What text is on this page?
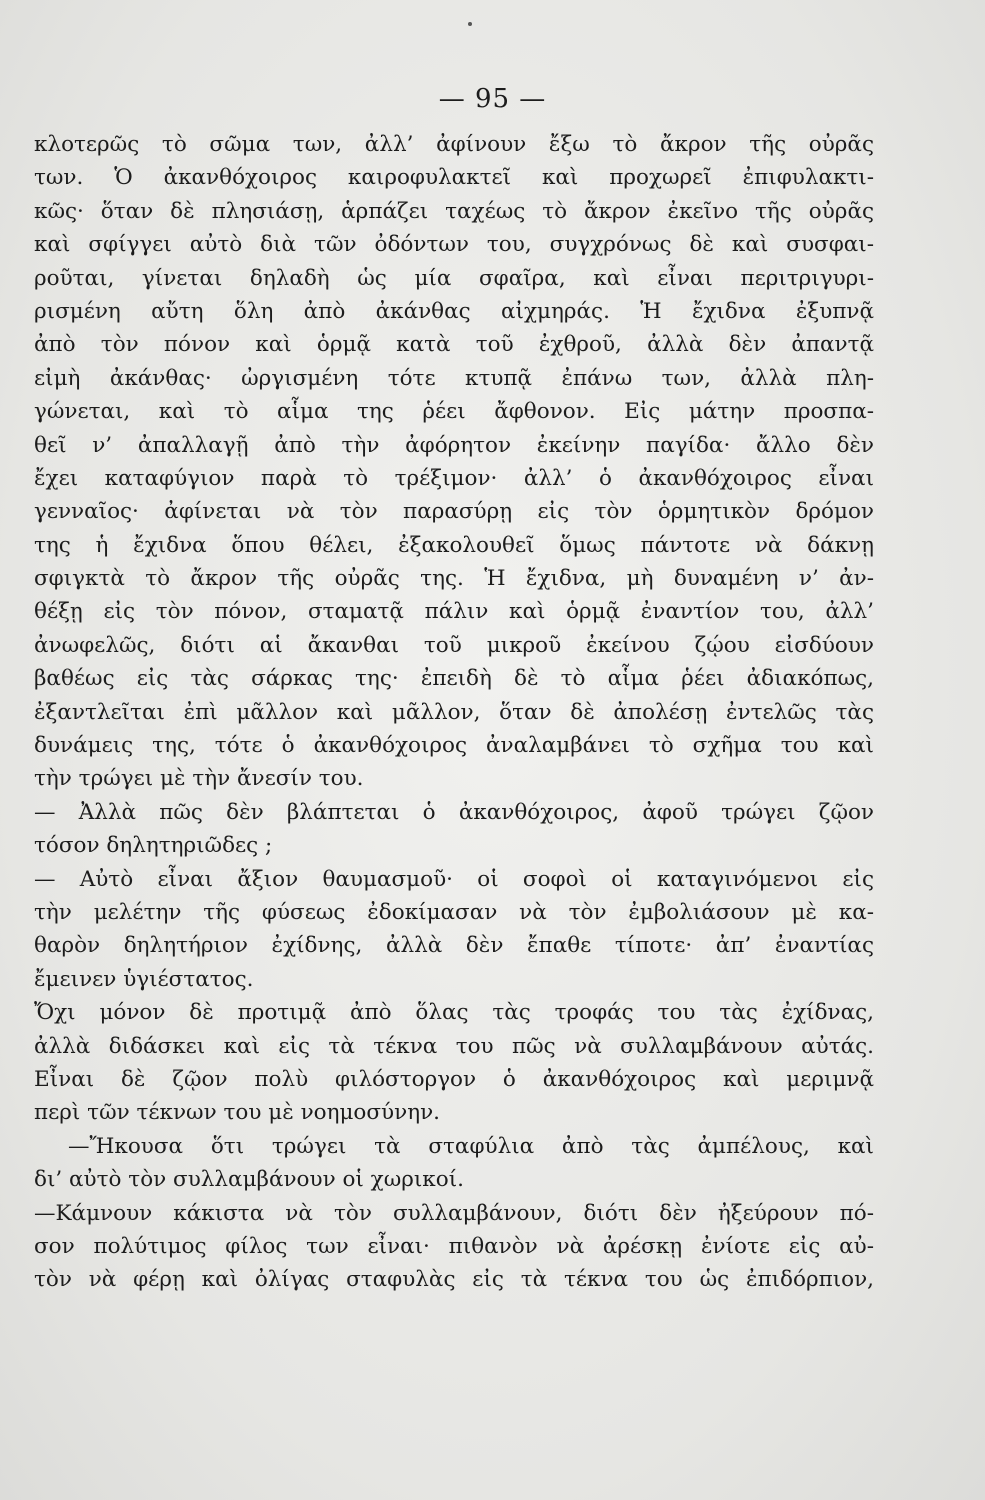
— 95 —
κλοτερῶς τὸ σῶμα των, ἀλλ’ ἀφίνουν ἔξω τὸ ἄκρον τῆς οὐρᾶς
των. Ὁ ἀκανθόχοιρος καιροφυλακτεῖ καὶ προχωρεῖ ἐπιφυλακτι-
κῶς· ὅταν δὲ πλησιάσῃ, ἁρπάζει ταχέως τὸ ἄκρον ἐκεῖνο τῆς οὐρᾶς
καὶ σφίγγει αὐτὸ διὰ τῶν ὀδόντων του, συγχρόνως δὲ καὶ συσφαι-
ροῦται, γίνεται δηλαδὴ ὡς μία σφαῖρα, καὶ εἶναι περιτριγυρι-
ρισμένη αὔτη ὅλη ἀπὸ ἀκάνθας αἰχμηράς. Ἡ ἔχιδνα ἐξυπνᾷ
ἀπὸ τὸν πόνον καὶ ὁρμᾷ κατὰ τοῦ ἐχθροῦ, ἀλλὰ δὲν ἀπαντᾷ
εἰμὴ ἀκάνθας· ὠργισμένη τότε κτυπᾷ ἐπάνω των, ἀλλὰ πλη-
γώνεται, καὶ τὸ αἷμα της ῥέει ἄφθονον. Εἰς μάτην προσπα-
θεῖ ν’ ἀπαλλαγῇ ἀπὸ τὴν ἀφόρητον ἐκείνην παγίδα· ἄλλο δὲν
ἔχει καταφύγιον παρὰ τὸ τρέξιμον· ἀλλ’ ὁ ἀκανθόχοιρος εἶναι
γενναῖος· ἀφίνεται νὰ τὸν παρασύρῃ εἰς τὸν ὁρμητικὸν δρόμον
της ἡ ἔχιδνα ὅπου θέλει, ἐξακολουθεῖ ὅμως πάντοτε νὰ δάκνῃ
σφιγκτὰ τὸ ἄκρον τῆς οὐρᾶς της. Ἡ ἔχιδνα, μὴ δυναμένη ν’ ἀν-
θέξῃ εἰς τὸν πόνον, σταματᾷ πάλιν καὶ ὁρμᾷ ἐναντίον του, ἀλλ’
ἀνωφελῶς, διότι αἱ ἄκανθαι τοῦ μικροῦ ἐκείνου ζῴου εἰσδύουν
βαθέως εἰς τὰς σάρκας της· ἐπειδὴ δὲ τὸ αἷμα ῥέει ἀδιακόπως,
ἐξαντλεῖται ἐπὶ μᾶλλον καὶ μᾶλλον, ὅταν δὲ ἀπολέσῃ ἐντελῶς τὰς
δυνάμεις της, τότε ὁ ἀκανθόχοιρος ἀναλαμβάνει τὸ σχῆμα του καὶ
τὴν τρώγει μὲ τὴν ἄνεσίν του.
— Ἀλλὰ πῶς δὲν βλάπτεται ὁ ἀκανθόχοιρος, ἀφοῦ τρώγει ζῷον
τόσον δηλητηριῶδες ;
— Αὐτὸ εἶναι ἄξιον θαυμασμοῦ· οἱ σοφοὶ οἱ καταγινόμενοι εἰς
τὴν μελέτην τῆς φύσεως ἐδοκίμασαν νὰ τὸν ἐμβολιάσουν μὲ κα-
θαρὸν δηλητήριον ἐχίδνης, ἀλλὰ δὲν ἔπαθε τίποτε· ἀπ’ ἐναντίας
ἔμεινεν ὑγιέστατος.
Ὄχι μόνον δὲ προτιμᾷ ἀπὸ ὅλας τὰς τροφάς του τὰς ἐχίδνας,
ἀλλὰ διδάσκει καὶ εἰς τὰ τέκνα του πῶς νὰ συλλαμβάνουν αὐτάς.
Εἶναι δὲ ζῷον πολὺ φιλόστοργον ὁ ἀκανθόχοιρος καὶ μεριμνᾷ
περὶ τῶν τέκνων του μὲ νοημοσύνην.
—Ἤκουσα ὅτι τρώγει τὰ σταφύλια ἀπὸ τὰς ἀμπέλους, καὶ
δι’ αὐτὸ τὸν συλλαμβάνουν οἱ χωρικοί.
—Κάμνουν κάκιστα νὰ τὸν συλλαμβάνουν, διότι δὲν ἠξεύρουν πό-
σον πολύτιμος φίλος των εἶναι· πιθανὸν νὰ ἀρέσκῃ ἐνίοτε εἰς αὐ-
τὸν νὰ φέρῃ καὶ ὀλίγας σταφυλὰς εἰς τὰ τέκνα του ὡς ἐπιδόρπιον,
